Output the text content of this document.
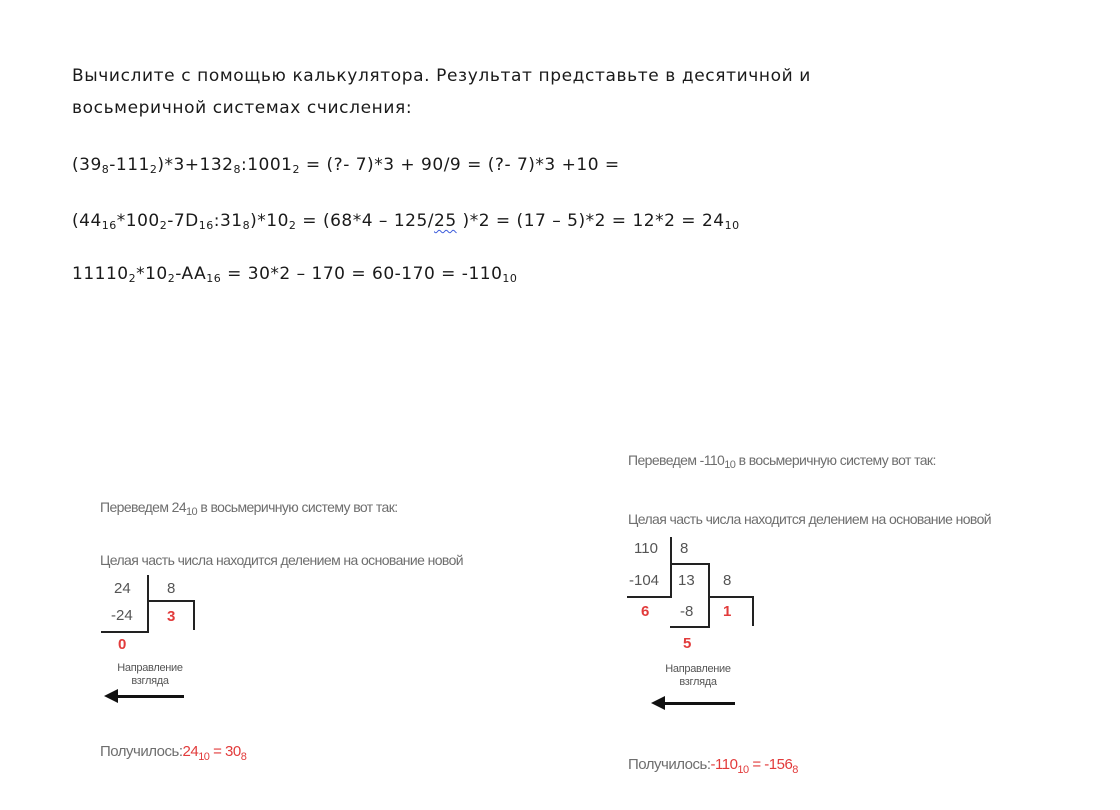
Вычислите с помощью калькулятора. Результат представьте в десятичной и
восьмеричной системах счисления:
$(39_8-111_2)*3+132_8:1001_2$ = (?- 7)*3 + 90/9 = (?- 7)*3 +10 =
$(44_{16}*100_2-7D_{16}:31_8)*10_2 = (68*4 - 125/25$ )$*2 = (17 - 5)*2 = 12*2 = 24_{10}$
$11110_2*10_2-AA_{16} = 30*2 - 170 = 60-170 = -110_{10}$
Переведем $24_{10}$ в восьмеричную систему вот так:
Целая часть числа находится делением на основание новой
24 8
-24 3
0
Направление
взгляда
$Получилось:24_{10} = 30_8$
Переведем $-110_{10}$ в восьмеричную систему вот так:
Целая часть числа находится делением на основание новой
110 8
-104 13 8
-8
6	1
5
Направление
взгляда
$Получилось:-110_{10} = -156_8$
